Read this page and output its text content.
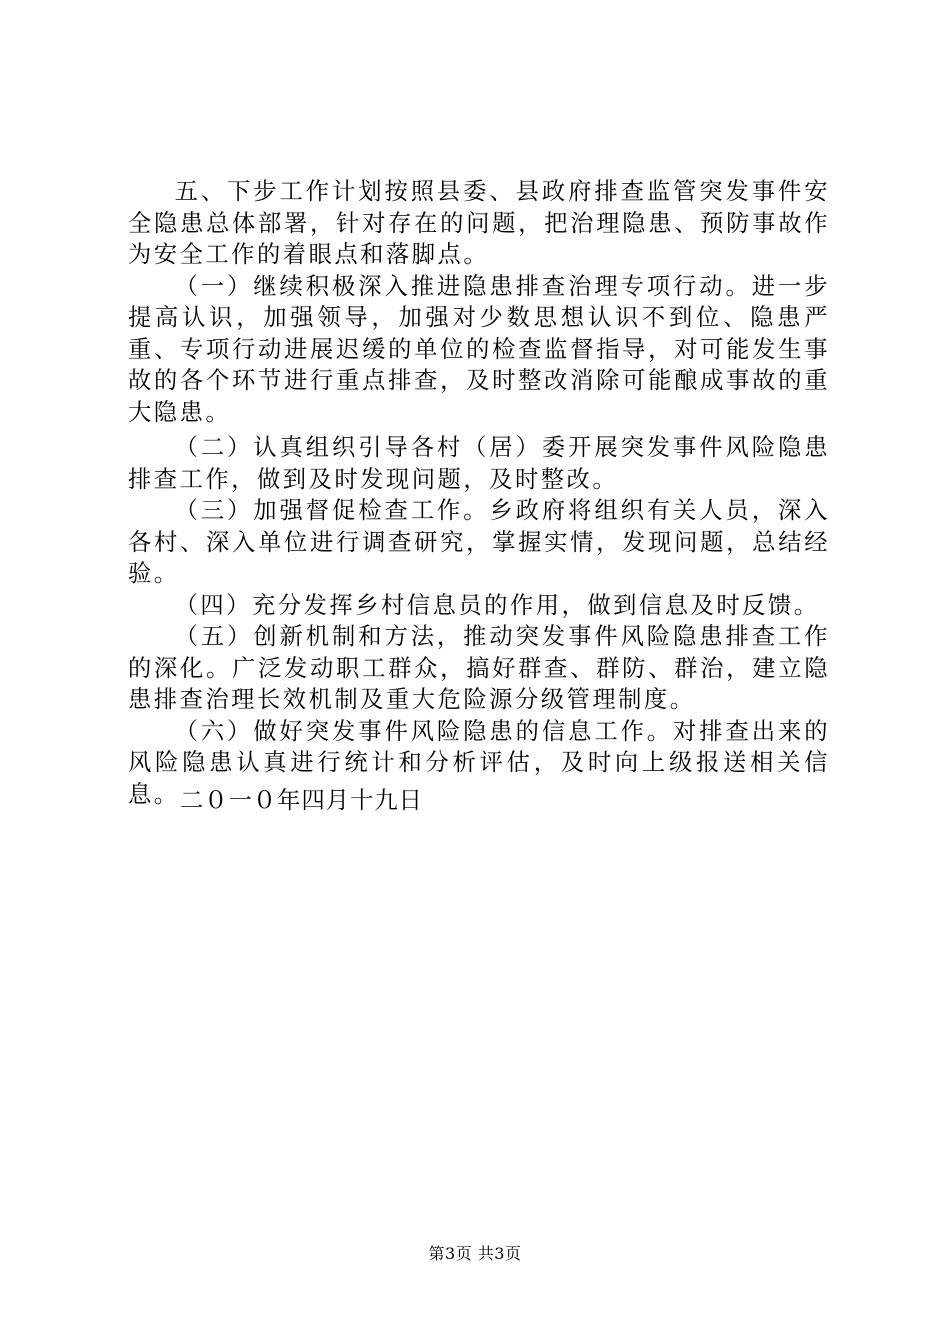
五、下步工作计划按照县委、县政府排查监管突发事件安全隐患总体部署，针对存在的问题，把治理隐患、预防事故作为安全工作的着眼点和落脚点。

（一）继续积极深入推进隐患排查治理专项行动。进一步提高认识，加强领导，加强对少数思想认识不到位、隐患严重、专项行动进展迟缓的单位的检查监督指导，对可能发生事故的各个环节进行重点排查，及时整改消除可能酿成事故的重大隐患。

（二）认真组织引导各村（居）委开展突发事件风险隐患排查工作，做到及时发现问题，及时整改。

（三）加强督促检查工作。乡政府将组织有关人员，深入各村、深入单位进行调查研究，掌握实情，发现问题，总结经验。

（四）充分发挥乡村信息员的作用，做到信息及时反馈。

（五）创新机制和方法，推动突发事件风险隐患排查工作的深化。广泛发动职工群众，搞好群查、群防、群治，建立隐患排查治理长效机制及重大危险源分级管理制度。

（六）做好突发事件风险隐患的信息工作。对排查出来的风险隐患认真进行统计和分析评估，及时向上级报送相关信息。 二０一０年四月十九日
第3页 共3页
